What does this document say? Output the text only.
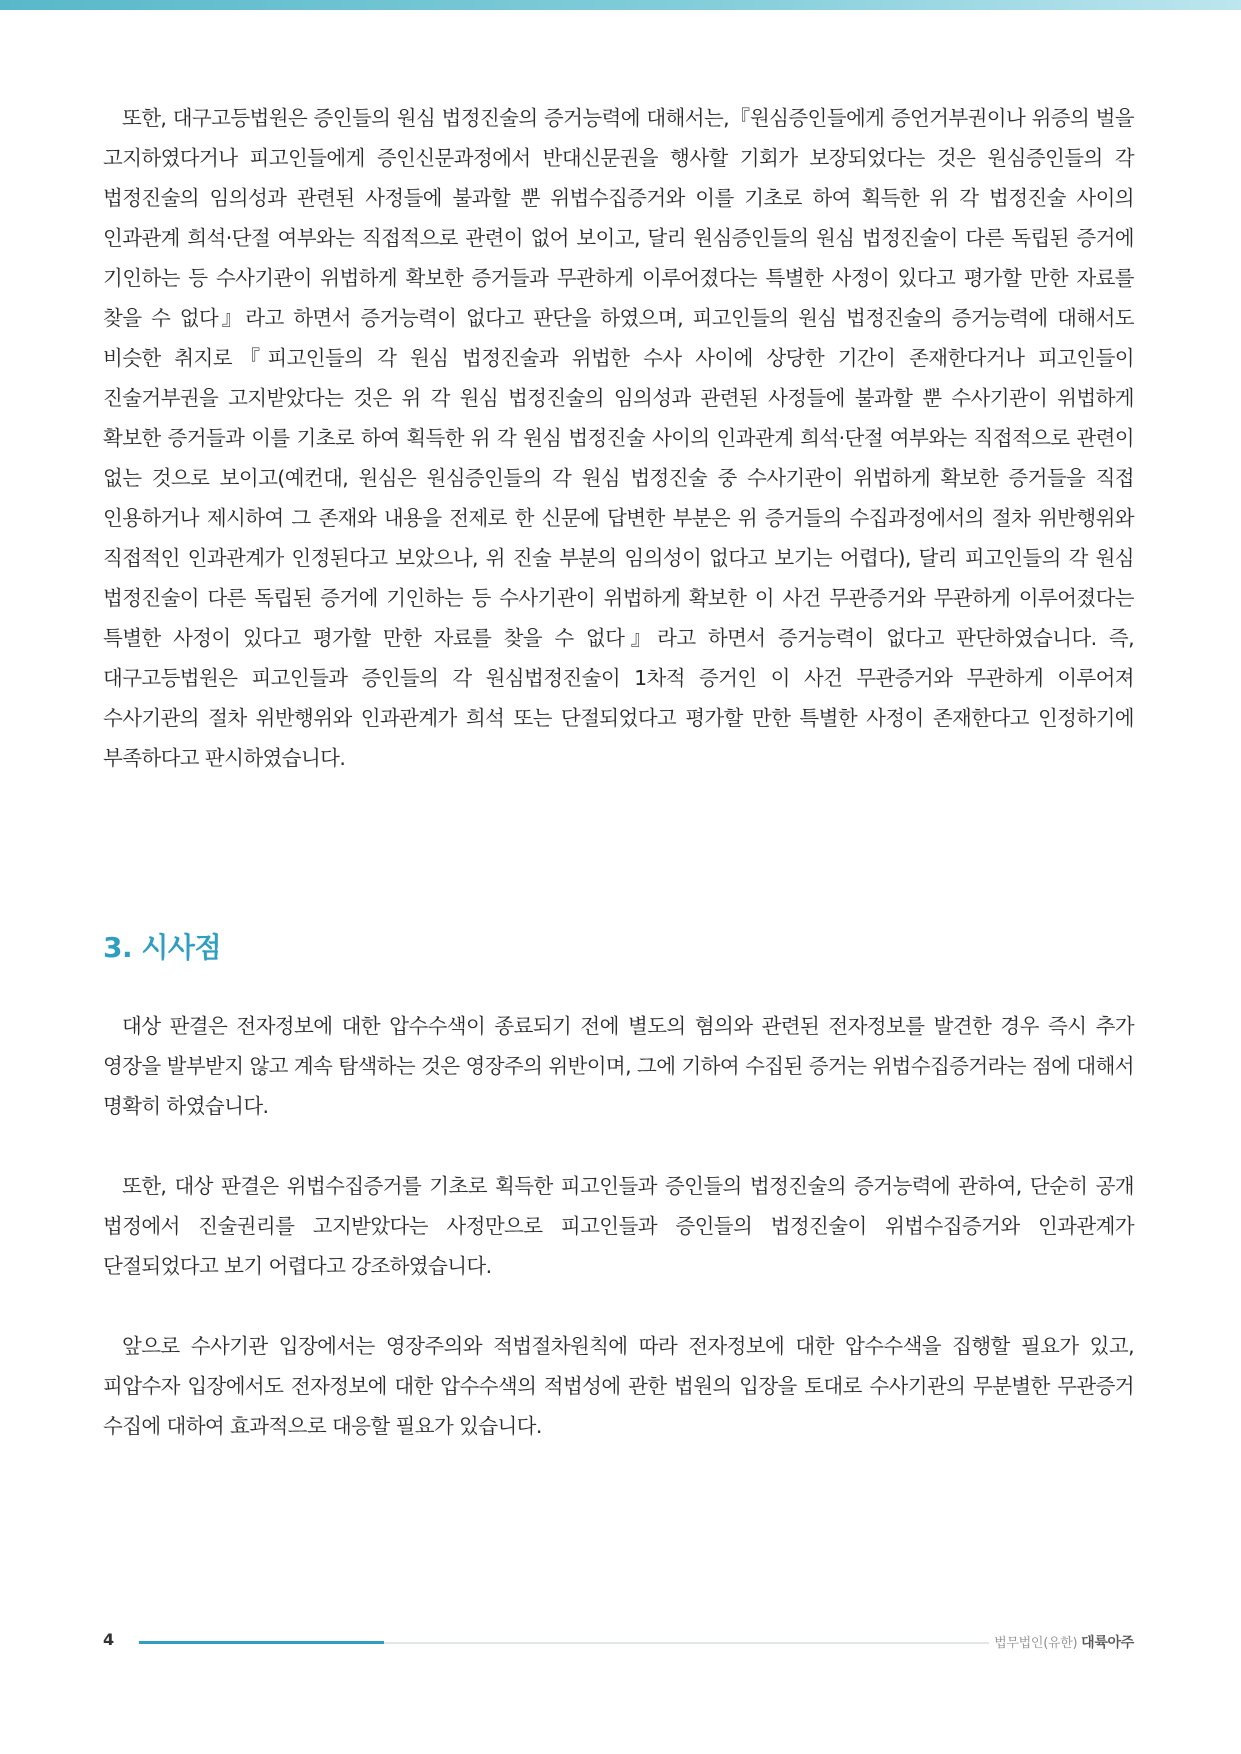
또한, 대구고등법원은 증인들의 원심 법정진술의 증거능력에 대해서는,『원심증인들에게 증언거부권이나 위증의 벌을 고지하였다거나 피고인들에게 증인신문과정에서 반대신문권을 행사할 기회가 보장되었다는 것은 원심증인들의 각 법정진술의 임의성과 관련된 사정들에 불과할 뿐 위법수집증거와 이를 기초로 하여 획득한 위 각 법정진술 사이의 인과관계 희석·단절 여부와는 직접적으로 관련이 없어 보이고, 달리 원심증인들의 원심 법정진술이 다른 독립된 증거에 기인하는 등 수사기관이 위법하게 확보한 증거들과 무관하게 이루어졌다는 특별한 사정이 있다고 평가할 만한 자료를 찾을 수 없다』라고 하면서 증거능력이 없다고 판단을 하였으며, 피고인들의 원심 법정진술의 증거능력에 대해서도 비슷한 취지로『피고인들의 각 원심 법정진술과 위법한 수사 사이에 상당한 기간이 존재한다거나 피고인들이 진술거부권을 고지받았다는 것은 위 각 원심 법정진술의 임의성과 관련된 사정들에 불과할 뿐 수사기관이 위법하게 확보한 증거들과 이를 기초로 하여 획득한 위 각 원심 법정진술 사이의 인과관계 희석·단절 여부와는 직접적으로 관련이 없는 것으로 보이고(예컨대, 원심은 원심증인들의 각 원심 법정진술 중 수사기관이 위법하게 확보한 증거들을 직접 인용하거나 제시하여 그 존재와 내용을 전제로 한 신문에 답변한 부분은 위 증거들의 수집과정에서의 절차 위반행위와 직접적인 인과관계가 인정된다고 보았으나, 위 진술 부분의 임의성이 없다고 보기는 어렵다), 달리 피고인들의 각 원심 법정진술이 다른 독립된 증거에 기인하는 등 수사기관이 위법하게 확보한 이 사건 무관증거와 무관하게 이루어졌다는 특별한 사정이 있다고 평가할 만한 자료를 찾을 수 없다』라고 하면서 증거능력이 없다고 판단하였습니다. 즉, 대구고등법원은 피고인들과 증인들의 각 원심법정진술이 1차적 증거인 이 사건 무관증거와 무관하게 이루어져 수사기관의 절차 위반행위와 인과관계가 희석 또는 단절되었다고 평가할 만한 특별한 사정이 존재한다고 인정하기에 부족하다고 판시하였습니다.

3. 시사점

대상 판결은 전자정보에 대한 압수수색이 종료되기 전에 별도의 혐의와 관련된 전자정보를 발견한 경우 즉시 추가 영장을 발부받지 않고 계속 탐색하는 것은 영장주의 위반이며, 그에 기하여 수집된 증거는 위법수집증거라는 점에 대해서 명확히 하였습니다.

또한, 대상 판결은 위법수집증거를 기초로 획득한 피고인들과 증인들의 법정진술의 증거능력에 관하여, 단순히 공개 법정에서 진술권리를 고지받았다는 사정만으로 피고인들과 증인들의 법정진술이 위법수집증거와 인과관계가 단절되었다고 보기 어렵다고 강조하였습니다.

앞으로 수사기관 입장에서는 영장주의와 적법절차원칙에 따라 전자정보에 대한 압수수색을 집행할 필요가 있고, 피압수자 입장에서도 전자정보에 대한 압수수색의 적법성에 관한 법원의 입장을 토대로 수사기관의 무분별한 무관증거 수집에 대하여 효과적으로 대응할 필요가 있습니다.

4	법무법인(유한) 대륙아주
